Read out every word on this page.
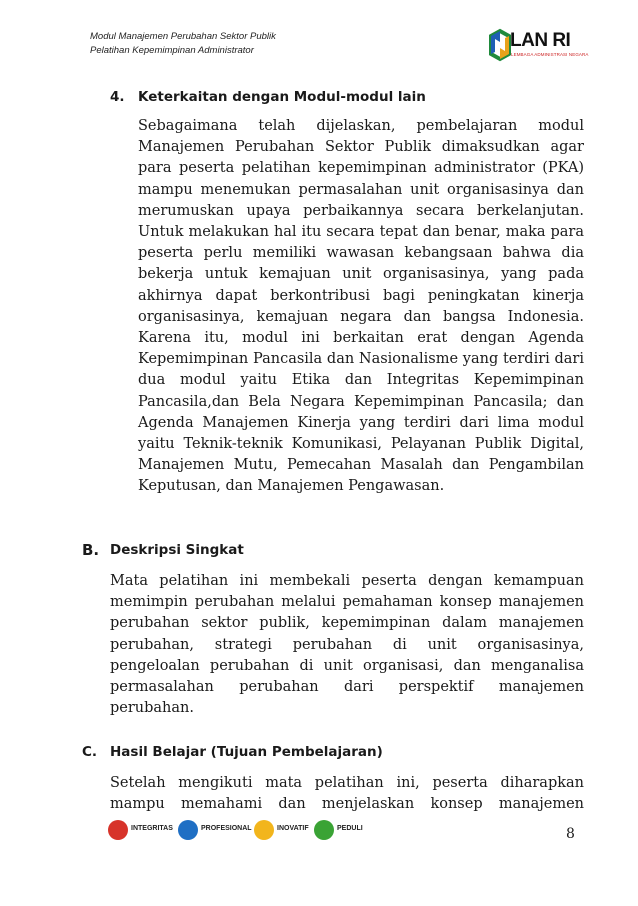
Modul Manajemen Perubahan Sektor Publik
Pelatihan Kepemimpinan Administrator	LAN RI
LEMBAGA ADMINISTRASI NEGARA
4. Keterkaitan dengan Modul-modul lain
Sebagaimana telah dijelaskan, pembelajaran modul Manajemen Perubahan Sektor Publik dimaksudkan agar para peserta pelatihan kepemimpinan administrator (PKA) mampu menemukan permasalahan unit organisasinya dan merumuskan upaya perbaikannya secara berkelanjutan. Untuk melakukan hal itu secara tepat dan benar, maka para peserta perlu memiliki wawasan kebangsaan bahwa dia bekerja untuk kemajuan unit organisasinya, yang pada akhirnya dapat berkontribusi bagi peningkatan kinerja organisasinya, kemajuan negara dan bangsa Indonesia. Karena itu, modul ini berkaitan erat dengan Agenda Kepemimpinan Pancasila dan Nasionalisme yang terdiri dari dua modul yaitu Etika dan Integritas Kepemimpinan Pancasila,dan Bela Negara Kepemimpinan Pancasila; dan Agenda Manajemen Kinerja yang terdiri dari lima modul yaitu Teknik-teknik Komunikasi, Pelayanan Publik Digital, Manajemen Mutu, Pemecahan Masalah dan Pengambilan Keputusan, dan Manajemen Pengawasan.
B. Deskripsi Singkat
Mata pelatihan ini membekali peserta dengan kemampuan memimpin perubahan melalui pemahaman konsep manajemen perubahan sektor publik, kepemimpinan dalam manajemen perubahan, strategi perubahan di unit organisasinya, pengeloalan perubahan di unit organisasi, dan menganalisa permasalahan perubahan dari perspektif manajemen perubahan.
C. Hasil Belajar (Tujuan Pembelajaran)
Setelah mengikuti mata pelatihan ini, peserta diharapkan mampu memahami dan menjelaskan konsep manajemen
INTEGRITAS	PROFESIONAL	INOVATIF	PEDULI	8
